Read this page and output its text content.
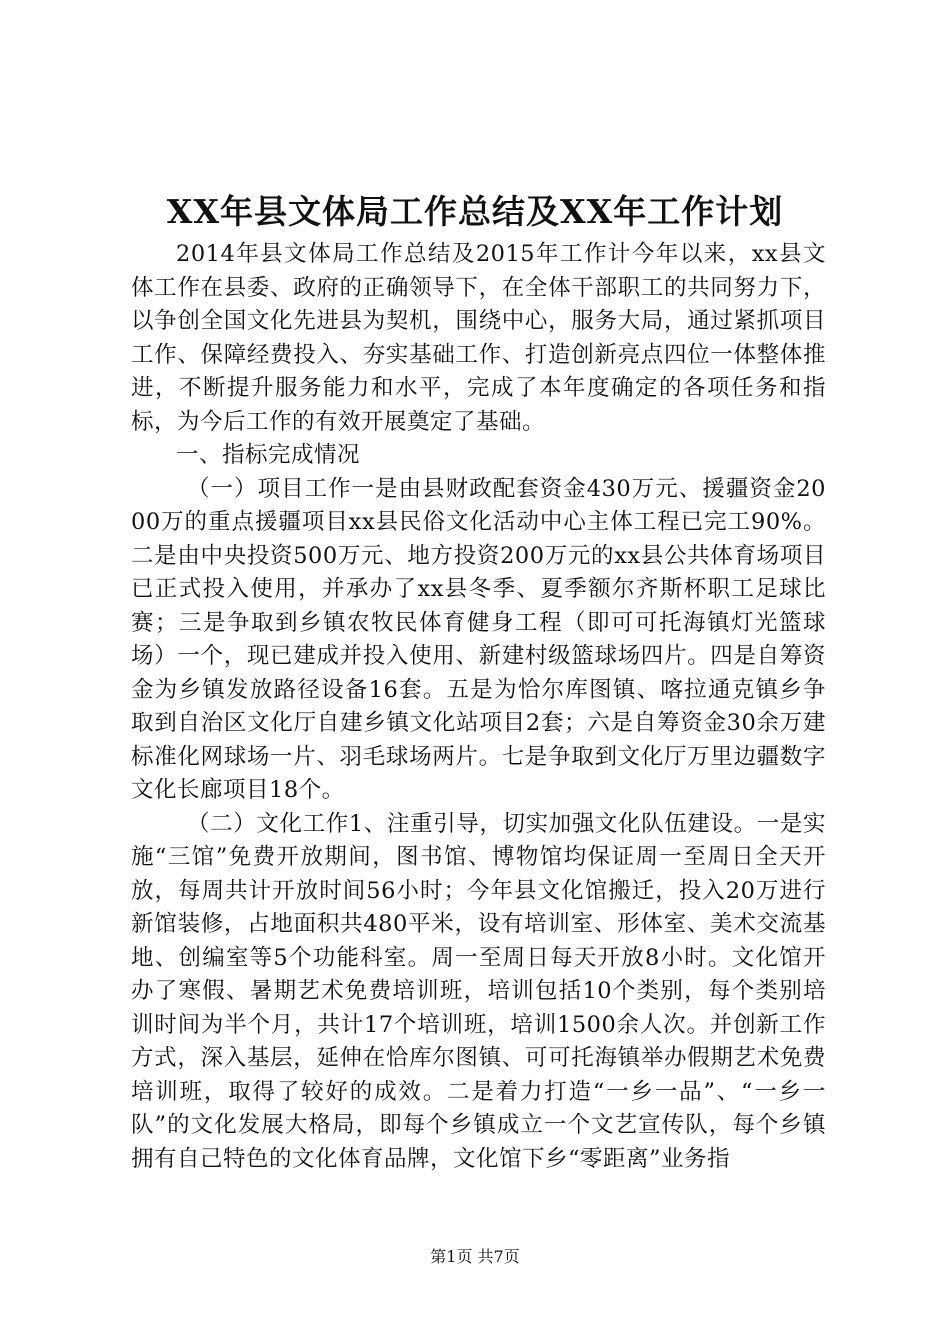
XX年县文体局工作总结及XX年工作计划

2014年县文体局工作总结及2015年工作计今年以来，xx县文体工作在县委、政府的正确领导下，在全体干部职工的共同努力下，以争创全国文化先进县为契机，围绕中心，服务大局，通过紧抓项目工作、保障经费投入、夯实基础工作、打造创新亮点四位一体整体推进，不断提升服务能力和水平，完成了本年度确定的各项任务和指标，为今后工作的有效开展奠定了基础。

一、指标完成情况

（一）项目工作一是由县财政配套资金430万元、援疆资金2000万的重点援疆项目xx县民俗文化活动中心主体工程已完工90%。二是由中央投资500万元、地方投资200万元的xx县公共体育场项目已正式投入使用，并承办了xx县冬季、夏季额尔齐斯杯职工足球比赛；三是争取到乡镇农牧民体育健身工程（即可可托海镇灯光篮球场）一个，现已建成并投入使用、新建村级篮球场四片。四是自筹资金为乡镇发放路径设备16套。五是为恰尔库图镇、喀拉通克镇乡争取到自治区文化厅自建乡镇文化站项目2套；六是自筹资金30余万建标准化网球场一片、羽毛球场两片。七是争取到文化厅万里边疆数字文化长廊项目18个。

（二）文化工作1、注重引导，切实加强文化队伍建设。一是实施“三馆”免费开放期间，图书馆、博物馆均保证周一至周日全天开放，每周共计开放时间56小时；今年县文化馆搬迁，投入20万进行新馆装修，占地面积共480平米，设有培训室、形体室、美术交流基地、创编室等5个功能科室。周一至周日每天开放8小时。文化馆开办了寒假、暑期艺术免费培训班，培训包括10个类别，每个类别培训时间为半个月，共计17个培训班，培训1500余人次。并创新工作方式，深入基层，延伸在恰库尔图镇、可可托海镇举办假期艺术免费培训班，取得了较好的成效。二是着力打造“一乡一品”、“一乡一队”的文化发展大格局，即每个乡镇成立一个文艺宣传队，每个乡镇拥有自己特色的文化体育品牌，文化馆下乡“零距离”业务指

第1页 共7页
